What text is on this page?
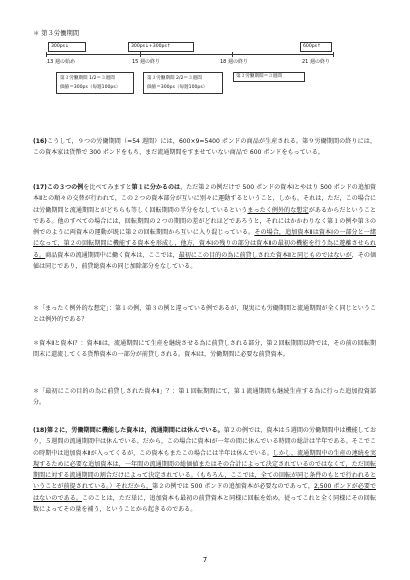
＊ 第３労働期間
300ps↓	300ps↓+300ps↑	600ps↑
13 週の始め	15 週の終り	18 週の終り	21 週の終り
第３労働期間 1/2＝３週間
価値＝300ps（毎週100ps）
第３労働期間 2/2＝３週間
価値＝300ps（毎週100ps）
第３労働期間＝３週間

(16)こうして，９つの労働期間（=54 週間）には，600×9=5400 ポンドの商品が生産される。第９労働期間の終りには，この資本家は貨幣で 300 ポンドをもち，まだ流通期間をすませていない商品で 600 ポンドをもっている。

(17)この３つの例を比べてみますと第１に分かるのは，ただ第２の例だけで 500 ポンドの資本Ⅰとやはり 500 ポンドの追加資本Ⅱとの順々の交替が行われて，この２つの資本部分が互いに別々に運動するということ，しかも，それは，ただ，この場合には労働期間と流通期間とがどちらも等しく回転期間の半分をなしているというまったく例外的な想定があるからだということである。他のすべての場合には，回転期間の２つの期間の差がどれほどであろうと，それにはかかわりなく第１の例や第３の例でのように両資本の運動が既に第２の回転期間から互いに入り混じっている。その場合，追加資本Ⅱは資本Ⅰの一部分と一緒になって，第２の回転期間に機能する資本を形成し，他方，資本Ⅰの残りの部分は資本Ⅱの最初の機能を行う為に遊離させられる。商品資本の流通期間中に働く資本は，ここでは，最初にこの目的の為に前貸しされた資本Ⅱと同じものではないが，その価値は同じであり，前貸総資本の同じ加除部分をなしている。

＊「まったく例外的な想定」：第１の例，第３の例と違っている例であるが，現実にも労働期間と流通期間が全く同じということは例外的である？

＊資本Ⅱと資本Ⅰ？：資本Ⅱは，流通期間にて生産を継続させる為に前貸しされる部分，第２回転期間以降では，その前の回転期間末に還流してくる貨幣資本の一部分が前貸しされる。資本Ⅰは，労働期間に必要な前貸資本。

＊「最初にこの目的の為に前貸しされた資本Ⅱ」？：第１回転期間にて，第１流通期間も継続生産する為に行った追加投資部分。

(18)第２に，労働期間に機能した資本は，流通期間には休んでいる。第２の例では，資本は５週間の労働期間中は機能しており，５週間の流通期間中は休んでいる。だから，この場合に資本Ⅰが一年の間に休んでいる時間の総計は半年である。そこでこの時期中は追加資本Ⅱが入ってくるが，この資本もまたこの場合には半年は休んでいる。しかし，流通期間中の生産の連続を実現するために必要な追加資本は，一年間の流通期間の総価値またはその合計によって決定されているのではなくて，ただ回転期間に対する流通期間の割合だけによって決定されている。（もちろん，ここでは，全ての回転が同じ条件のもとで行われるということが前提されている。）それだから，第２の例では 500 ポンドの追加資本が必要なのであって，2,500 ポンドが必要ではないのである。このことは，ただ単に，追加資本も最初の前貸資本と同様に回転を始め，従ってこれと全く同様にその回転数によってその量を補う，ということから起きるのである。

7
